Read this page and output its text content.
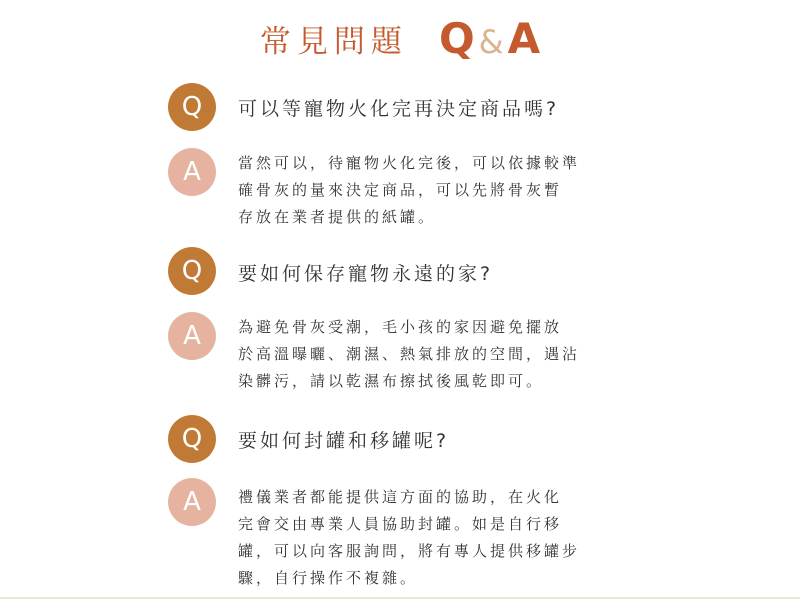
常見問題 Q &A
Q	可以等寵物火化完再決定商品嗎?
A	當然可以，待寵物火化完後，可以依據較準
確骨灰的量來決定商品，可以先將骨灰暫
存放在業者提供的紙罐。
Q	要如何保存寵物永遠的家?
A	為避免骨灰受潮，毛小孩的家因避免擺放
於高溫曝曬、潮濕、熱氣排放的空間，遇沾
染髒污，請以乾濕布擦拭後風乾即可。
Q	要如何封罐和移罐呢?
A	禮儀業者都能提供這方面的協助，在火化
完會交由專業人員協助封罐。如是自行移
罐，可以向客服詢問，將有專人提供移罐步
驟，自行操作不複雜。
